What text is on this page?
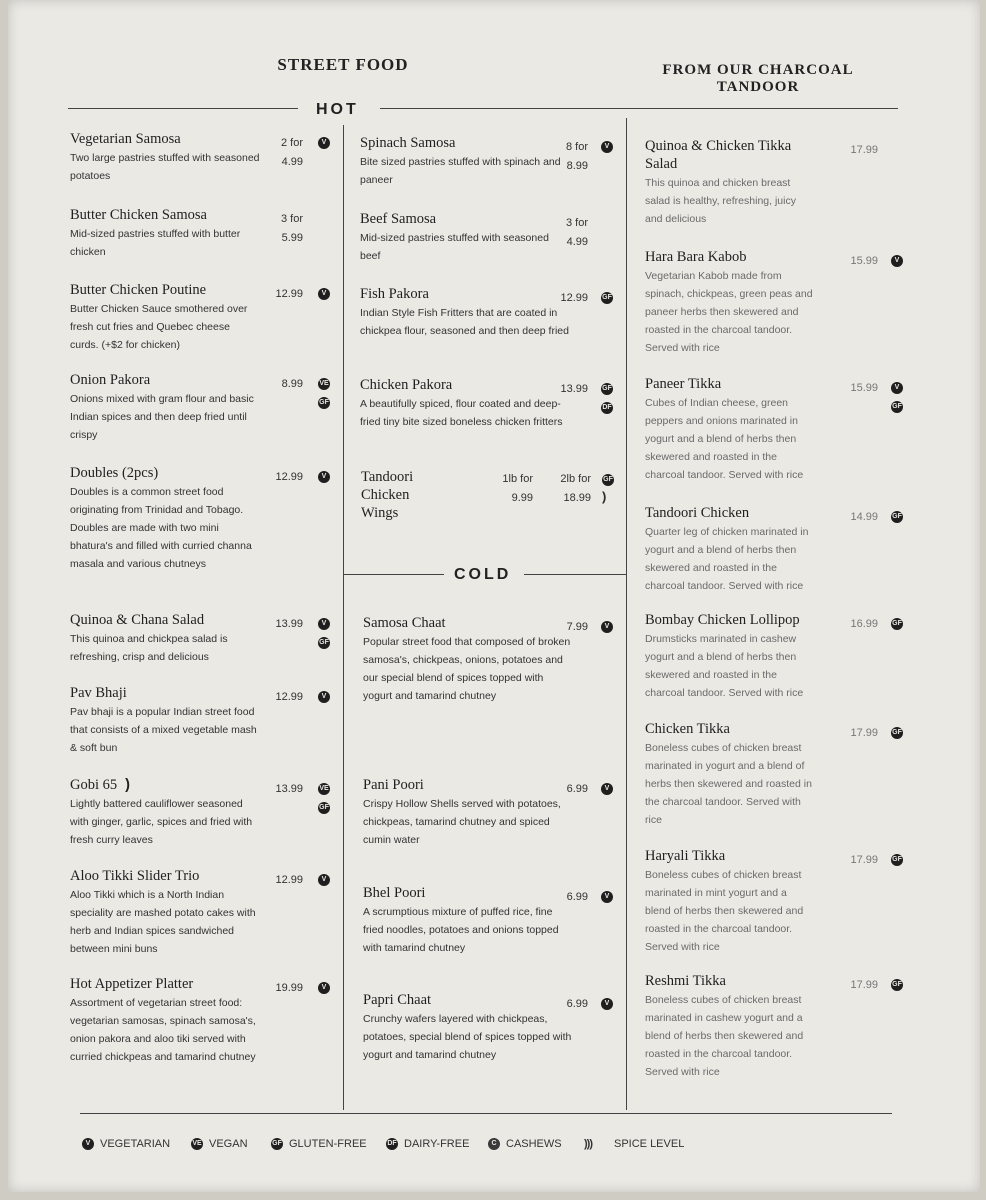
STREET FOOD	FROM OUR CHARCOAL TANDOOR
HOT
COLD
Vegetarian Samosa
Two large pastries stuffed with seasoned potatoes
2 for
4.99
V
Butter Chicken Samosa
Mid-sized pastries stuffed with butter chicken
3 for
5.99
Butter Chicken Poutine
Butter Chicken Sauce smothered over fresh cut fries and Quebec cheese curds. (+$2 for chicken)
12.99	V
Onion Pakora
Onions mixed with gram flour and basic Indian spices and then deep fried until crispy
8.99 VE
GF
Doubles (2pcs)
Doubles is a common street food originating from Trinidad and Tobago. Doubles are made with two mini bhatura's and filled with curried channa masala and various chutneys
12.99	V
Quinoa & Chana Salad
This quinoa and chickpea salad is refreshing, crisp and delicious
13.99	V
GF
Pav Bhaji
Pav bhaji is a popular Indian street food that consists of a mixed vegetable mash & soft bun
12.99	V
Gobi 65 )
Lightly battered cauliflower seasoned with ginger, garlic, spices and fried with fresh curry leaves
13.99 VE
GF
Aloo Tikki Slider Trio
Aloo Tikki which is a North Indian speciality are mashed potato cakes with herb and Indian spices sandwiched between mini buns
12.99	V
Hot Appetizer Platter
Assortment of vegetarian street food: vegetarian samosas, spinach samosa's, onion pakora and aloo tiki served with curried chickpeas and tamarind chutney
19.99	V
Spinach Samosa
Bite sized pastries stuffed with spinach and paneer
8 for
8.99
V
Beef Samosa
Mid-sized pastries stuffed with seasoned beef
3 for
4.99
Fish Pakora
Indian Style Fish Fritters that are coated in chickpea flour, seasoned and then deep fried
12.99 GF
Chicken Pakora
A beautifully spiced, flour coated and deep-fried tiny bite sized boneless chicken fritters
13.99 GF
DF
Samosa Chaat
Popular street food that composed of broken samosa's, chickpeas, onions, potatoes and our special blend of spices topped with yogurt and tamarind chutney
7.99	V
Pani Poori
Crispy Hollow Shells served with potatoes, chickpeas, tamarind chutney and spiced cumin water
6.99	V
Bhel Poori
A scrumptious mixture of puffed rice, fine fried noodles, potatoes and onions topped with tamarind chutney
6.99	V
Papri Chaat
Crunchy wafers layered with chickpeas, potatoes, special blend of spices topped with yogurt and tamarind chutney
6.99	V
Quinoa & Chicken Tikka Salad
This quinoa and chicken breast salad is healthy, refreshing, juicy and delicious
17.99
Hara Bara Kabob
Vegetarian Kabob made from spinach, chickpeas, green peas and paneer herbs then skewered and roasted in the charcoal tandoor. Served with rice
15.99	V
Paneer Tikka
Cubes of Indian cheese, green peppers and onions marinated in yogurt and a blend of herbs then skewered and roasted in the charcoal tandoor. Served with rice
15.99	V
GF
Tandoori Chicken
Quarter leg of chicken marinated in yogurt and a blend of herbs then skewered and roasted in the charcoal tandoor. Served with rice
14.99 GF
Bombay Chicken Lollipop
Drumsticks marinated in cashew yogurt and a blend of herbs then skewered and roasted in the charcoal tandoor. Served with rice
16.99 GF
Chicken Tikka
Boneless cubes of chicken breast marinated in yogurt and a blend of herbs then skewered and roasted in the charcoal tandoor. Served with rice
17.99 GF
Haryali Tikka
Boneless cubes of chicken breast marinated in mint yogurt and a blend of herbs then skewered and roasted in the charcoal tandoor. Served with rice
17.99 GF
Reshmi Tikka
Boneless cubes of chicken breast marinated in cashew yogurt and a blend of herbs then skewered and roasted in the charcoal tandoor. Served with rice
17.99 GF
Tandoori
Chicken
Wings
1lb for
9.99
2lb for
18.99
GF
)
V VEGETARIAN	VE VEGAN	GF GLUTEN-FREE	DF DAIRY-FREE	C CASHEWS ))) SPICE LEVEL
